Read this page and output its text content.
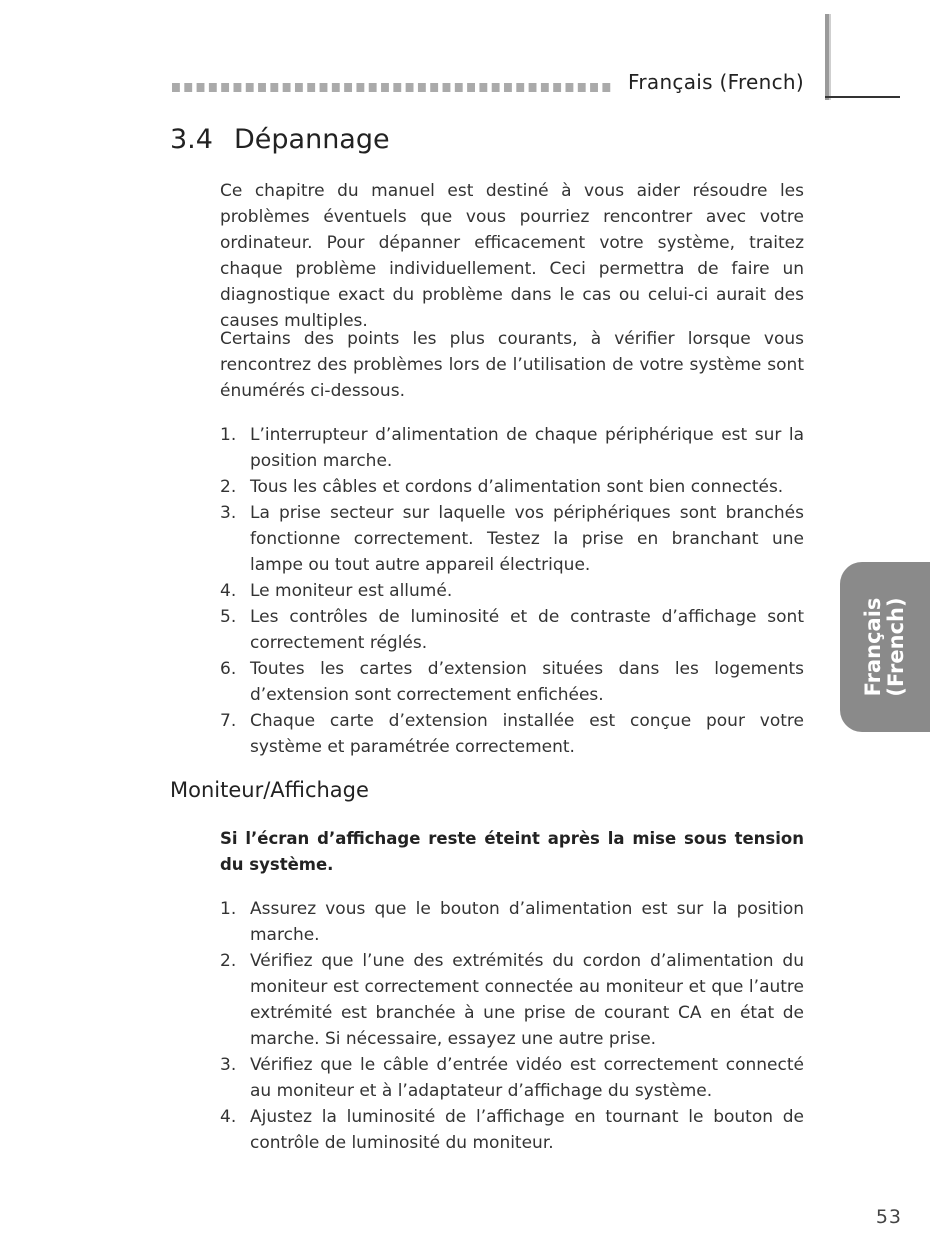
Français (French)
3.4 Dépannage

Ce chapitre du manuel est destiné à vous aider résoudre les problèmes éventuels que vous pourriez rencontrer avec votre ordinateur. Pour dépanner efficacement votre système, traitez chaque problème individuellement. Ceci permettra de faire un diagnostique exact du problème dans le cas ou celui-ci aurait des causes multiples.

Certains des points les plus courants, à vérifier lorsque vous rencontrez des problèmes lors de l’utilisation de votre système sont énumérés ci-dessous.

1. L’interrupteur d’alimentation de chaque périphérique est sur la position marche.
2. Tous les câbles et cordons d’alimentation sont bien connectés.
3. La prise secteur sur laquelle vos périphériques sont branchés fonctionne correctement. Testez la prise en branchant une lampe ou tout autre appareil électrique.
4. Le moniteur est allumé.
5. Les contrôles de luminosité et de contraste d’affichage sont correctement réglés.
6. Toutes les cartes d’extension situées dans les logements d’extension sont correctement enfichées.
7. Chaque carte d’extension installée est conçue pour votre système et paramétrée correctement.
Moniteur/Affichage

Si l’écran d’affichage reste éteint après la mise sous tension du système.

1. Assurez vous que le bouton d’alimentation est sur la position marche.
2. Vérifiez que l’une des extrémités du cordon d’alimentation du moniteur est correctement connectée au moniteur et que l’autre extrémité est branchée à une prise de courant CA en état de marche. Si nécessaire, essayez une autre prise.
3. Vérifiez que le câble d’entrée vidéo est correctement connecté au moniteur et à l’adaptateur d’affichage du système.
4. Ajustez la luminosité de l’affichage en tournant le bouton de contrôle de luminosité du moniteur.
Français (French)
53
